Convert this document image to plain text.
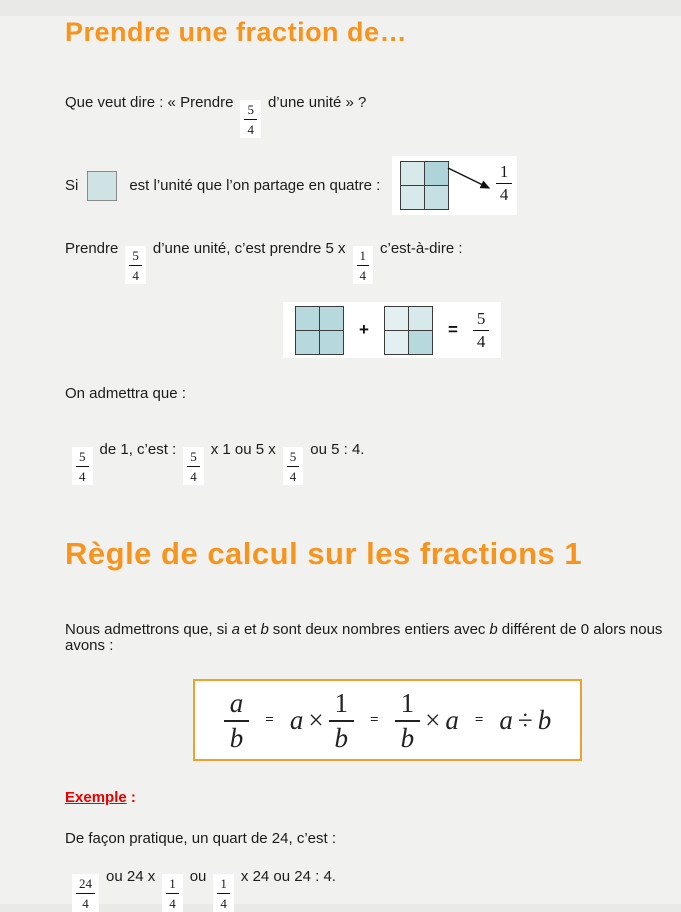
Prendre une fraction de…

Que veut dire : « Prendre $\frac{5}{4}$ d’une unité » ?

Si	est l’unité que l’on partage en quatre :	$\frac{1}{4}$

Prendre $\frac{5}{4}$ d’une unité, c’est prendre 5 x $\frac{1}{4}$ c’est-à-dire :

+	= $\frac{5}{4}$

On admettra que :

$\frac{5}{4}$ de 1, c’est : $\frac{5}{4}$ x 1 ou 5 x $\frac{5}{4}$ ou 5 : 4.

Règle de calcul sur les fractions 1

Nous admettrons que, si a et b sont deux nombres entiers avec b différent de 0 alors nous avons :

$\frac{a}{b} = a \times \frac{1}{b} = \frac{1}{b} \times a = a \div b$

Exemple :

De façon pratique, un quart de 24, c’est :

$\frac{24}{4}$ ou 24 x $\frac{1}{4}$ ou $\frac{1}{4}$ x 24 ou 24 : 4.
